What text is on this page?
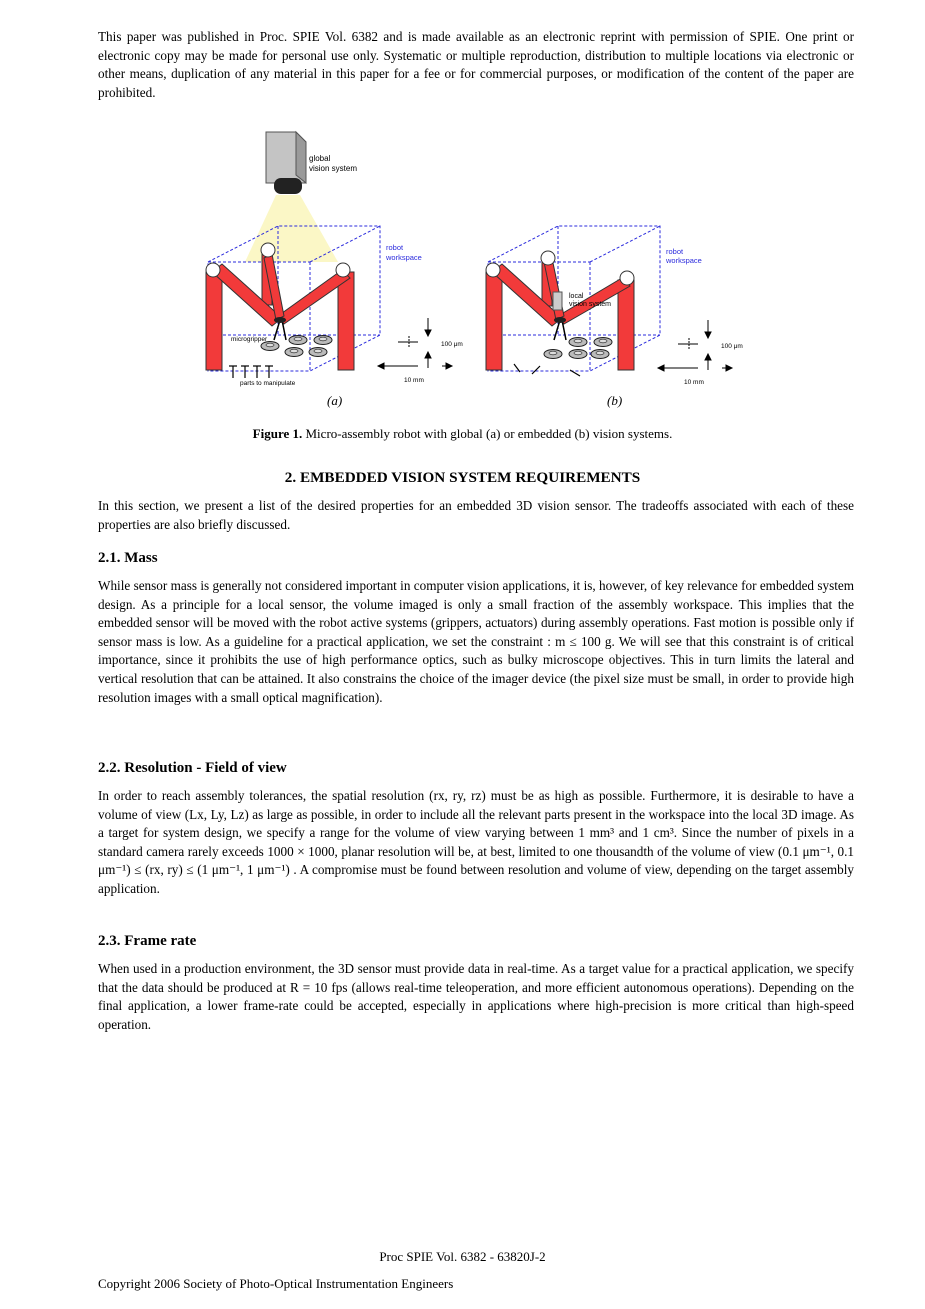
This paper was published in Proc. SPIE Vol. 6382 and is made available as an electronic reprint with permission of SPIE. One print or electronic copy may be made for personal use only. Systematic or multiple reproduction, distribution to multiple locations via electronic or other means, duplication of any material in this paper for a fee or for commercial purposes, or modification of the content of the paper are prohibited.
global
vision system
robot
workspace
microgripper
parts to manipulate
100 μm
10 mm
local
vision system
robot
workspace
100 μm
10 mm
(a)	(b)
Figure 1. Micro-assembly robot with global (a) or embedded (b) vision systems.
2. EMBEDDED VISION SYSTEM REQUIREMENTS
In this section, we present a list of the desired properties for an embedded 3D vision sensor. The tradeoffs associated with each of these properties are also briefly discussed.
2.1. Mass
While sensor mass is generally not considered important in computer vision applications, it is, however, of key relevance for embedded system design. As a principle for a local sensor, the volume imaged is only a small fraction of the assembly workspace. This implies that the embedded sensor will be moved with the robot active systems (grippers, actuators) during assembly operations. Fast motion is possible only if sensor mass is low. As a guideline for a practical application, we set the constraint : m ≤ 100 g. We will see that this constraint is of critical importance, since it prohibits the use of high performance optics, such as bulky microscope objectives. This in turn limits the lateral and vertical resolution that can be attained. It also constrains the choice of the imager device (the pixel size must be small, in order to provide high resolution images with a small optical magnification).
2.2. Resolution - Field of view
In order to reach assembly tolerances, the spatial resolution (rx, ry, rz) must be as high as possible. Furthermore, it is desirable to have a volume of view (Lx, Ly, Lz) as large as possible, in order to include all the relevant parts present in the workspace into the local 3D image. As a target for system design, we specify a range for the volume of view varying between 1 mm³ and 1 cm³. Since the number of pixels in a standard camera rarely exceeds 1000 × 1000, planar resolution will be, at best, limited to one thousandth of the volume of view (0.1 μm⁻¹, 0.1 μm⁻¹) ≤ (rx, ry) ≤ (1 μm⁻¹, 1 μm⁻¹) . A compromise must be found between resolution and volume of view, depending on the target assembly application.
2.3. Frame rate
When used in a production environment, the 3D sensor must provide data in real-time. As a target value for a practical application, we specify that the data should be produced at R = 10 fps (allows real-time teleoperation, and more efficient autonomous operations). Depending on the final application, a lower frame-rate could be accepted, especially in applications where high-precision is more critical than high-speed operation.
Proc SPIE Vol. 6382 - 63820J-2
Copyright 2006 Society of Photo-Optical Instrumentation Engineers
